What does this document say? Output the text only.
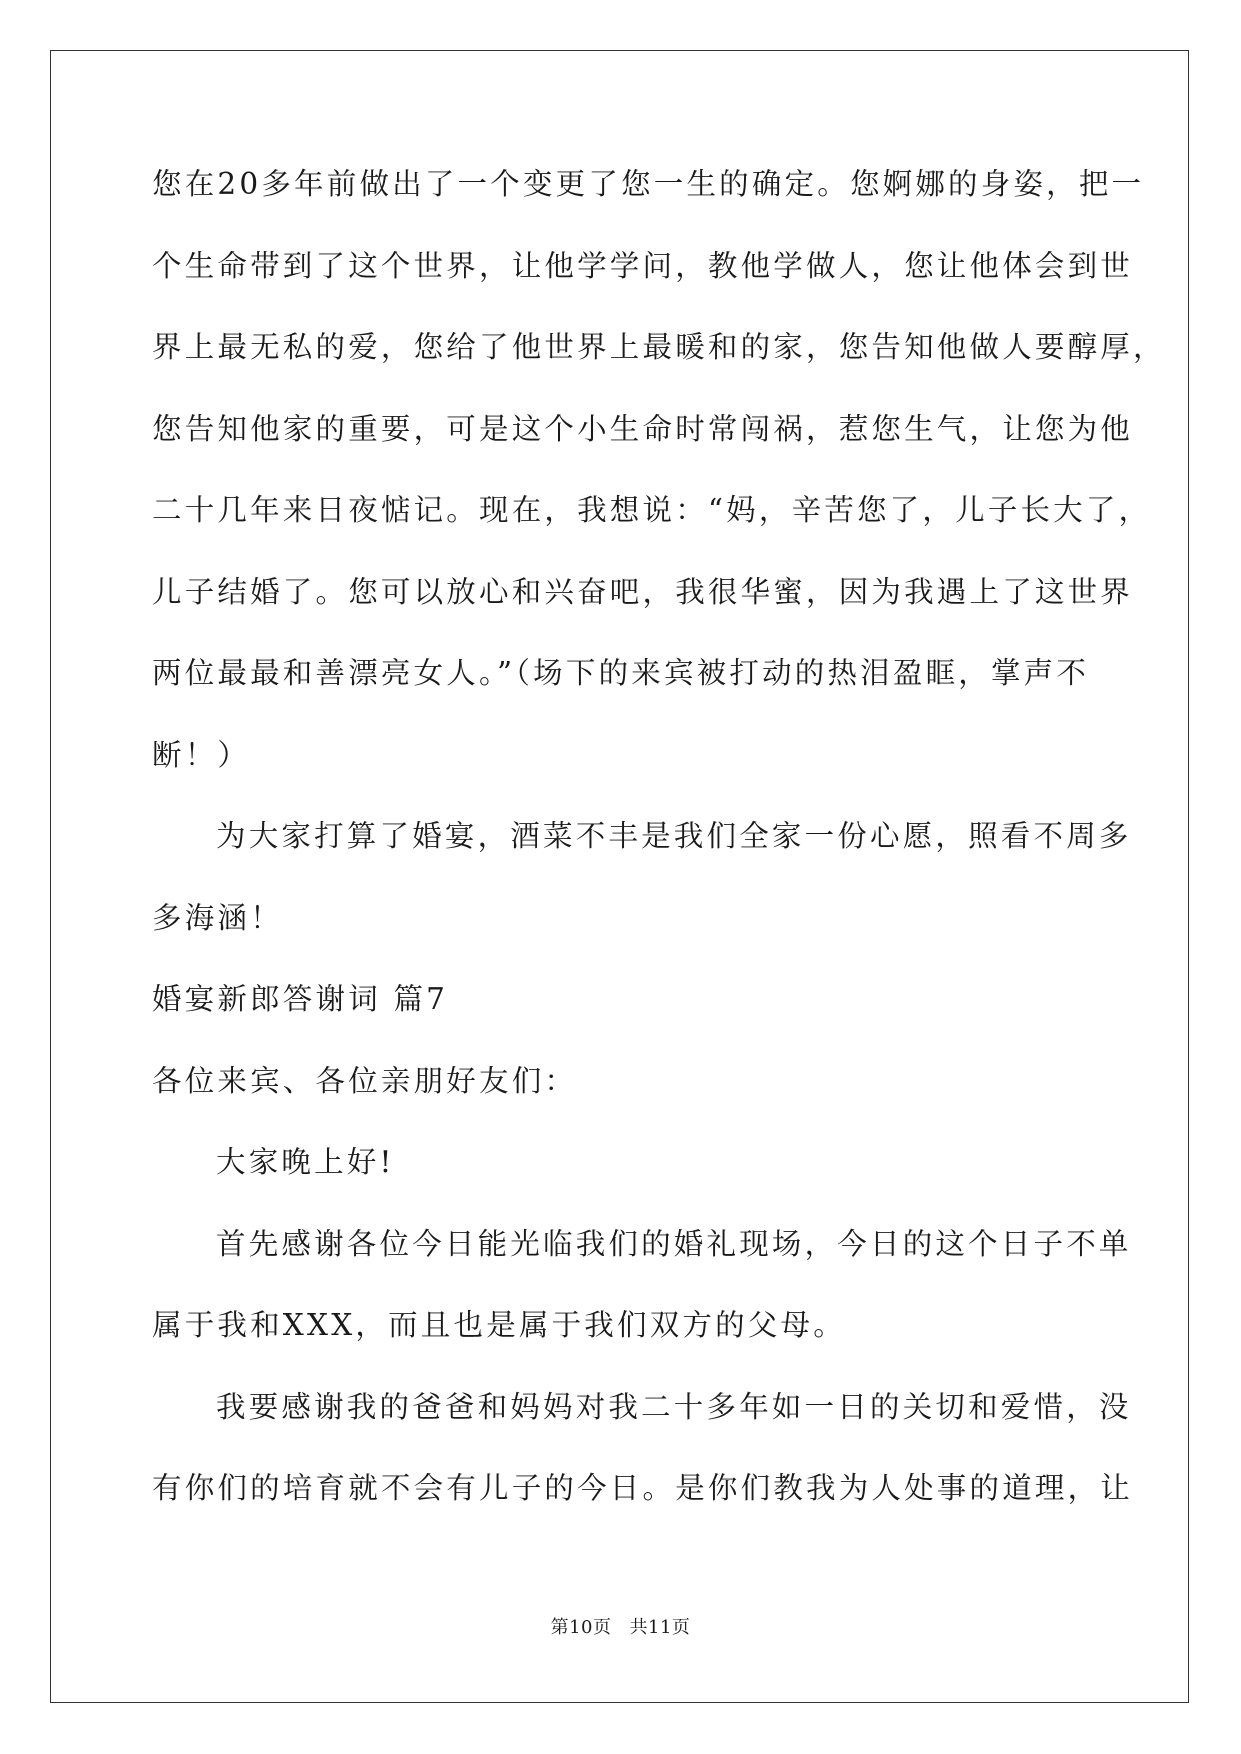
您在20多年前做出了一个变更了您一生的确定。您婀娜的身姿，把一
个生命带到了这个世界，让他学学问，教他学做人，您让他体会到世
界上最无私的爱，您给了他世界上最暖和的家，您告知他做人要醇厚，
您告知他家的重要，可是这个小生命时常闯祸，惹您生气，让您为他
二十几年来日夜惦记。现在，我想说：“妈，辛苦您了，儿子长大了，
儿子结婚了。您可以放心和兴奋吧，我很华蜜，因为我遇上了这世界
两位最最和善漂亮女人。”（场下的来宾被打动的热泪盈眶，掌声不
断！）
为大家打算了婚宴，酒菜不丰是我们全家一份心愿，照看不周多
多海涵！
婚宴新郎答谢词 篇7
各位来宾、各位亲朋好友们：
大家晚上好!
首先感谢各位今日能光临我们的婚礼现场，今日的这个日子不单
属于我和XXX，而且也是属于我们双方的父母。
我要感谢我的爸爸和妈妈对我二十多年如一日的关切和爱惜，没
有你们的培育就不会有儿子的今日。是你们教我为人处事的道理，让
第10页 共11页
